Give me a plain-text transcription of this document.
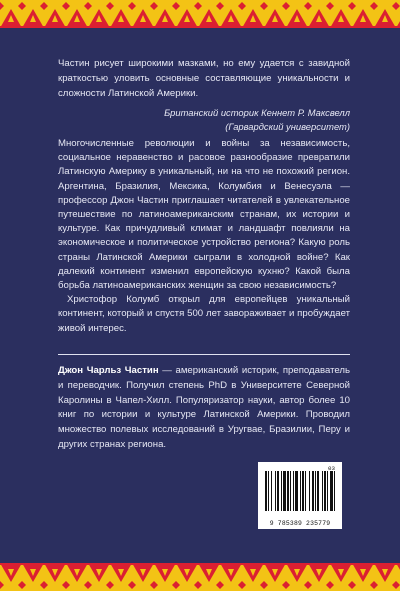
Частин рисует широкими мазками, но ему удается с завидной краткостью уловить основные составляющие уникальности и сложности Латинской Америки.

Британский историк Кеннет Р. Максвелл
(Гарвардский университет)

Многочисленные революции и войны за независимость, социальное неравенство и расовое разнообразие превратили Латинскую Америку в уникальный, ни на что не похожий регион. Аргентина, Бразилия, Мексика, Колумбия и Венесуэла — профессор Джон Частин приглашает читателей в увлекательное путешествие по латиноамериканским странам, их истории и культуре. Как причудливый климат и ландшафт повлияли на экономическое и политическое устройство региона? Какую роль страны Латинской Америки сыграли в холодной войне? Как далекий континент изменил европейскую кухню? Какой была борьба латиноамериканских женщин за свою независимость?

Христофор Колумб открыл для европейцев уникальный континент, который и спустя 500 лет завораживает и пробуждает живой интерес.

Джон Чарльз Частин — американский историк, преподаватель и переводчик. Получил степень PhD в Университете Северной Каролины в Чапел-Хилл. Популяризатор науки, автор более 10 книг по истории и культуре Латинской Америки. Проводил множество полевых исследований в Уругвае, Бразилии, Перу и других странах региона.

03
9 785389 235779
